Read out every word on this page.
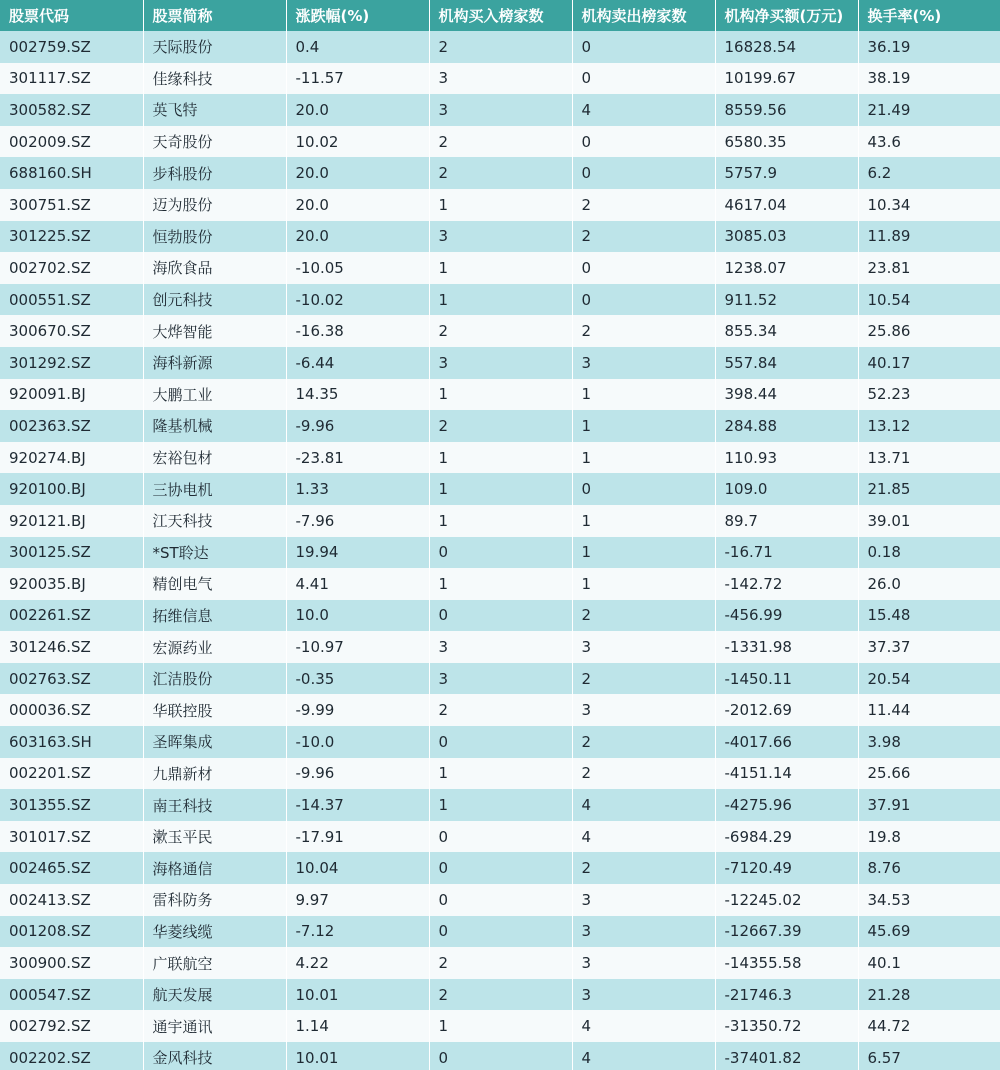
股票代码	股票简称	涨跌幅(%)	机构买入榜家数	机构卖出榜家数	机构净买额(万元)	换手率(%)
002759.SZ	天际股份	0.4	2	0	16828.54	36.19
301117.SZ	佳缘科技	-11.57	3	0	10199.67	38.19
300582.SZ	英飞特	20.0	3	4	8559.56	21.49
002009.SZ	天奇股份	10.02	2	0	6580.35	43.6
688160.SH	步科股份	20.0	2	0	5757.9	6.2
300751.SZ	迈为股份	20.0	1	2	4617.04	10.34
301225.SZ	恒勃股份	20.0	3	2	3085.03	11.89
002702.SZ	海欣食品	-10.05	1	0	1238.07	23.81
000551.SZ	创元科技	-10.02	1	0	911.52	10.54
300670.SZ	大烨智能	-16.38	2	2	855.34	25.86
301292.SZ	海科新源	-6.44	3	3	557.84	40.17
920091.BJ	大鹏工业	14.35	1	1	398.44	52.23
002363.SZ	隆基机械	-9.96	2	1	284.88	13.12
920274.BJ	宏裕包材	-23.81	1	1	110.93	13.71
920100.BJ	三协电机	1.33	1	0	109.0	21.85
920121.BJ	江天科技	-7.96	1	1	89.7	39.01
300125.SZ	*ST聆达	19.94	0	1	-16.71	0.18
920035.BJ	精创电气	4.41	1	1	-142.72	26.0
002261.SZ	拓维信息	10.0	0	2	-456.99	15.48
301246.SZ	宏源药业	-10.97	3	3	-1331.98	37.37
002763.SZ	汇洁股份	-0.35	3	2	-1450.11	20.54
000036.SZ	华联控股	-9.99	2	3	-2012.69	11.44
603163.SH	圣晖集成	-10.0	0	2	-4017.66	3.98
002201.SZ	九鼎新材	-9.96	1	2	-4151.14	25.66
301355.SZ	南王科技	-14.37	1	4	-4275.96	37.91
301017.SZ	漱玉平民	-17.91	0	4	-6984.29	19.8
002465.SZ	海格通信	10.04	0	2	-7120.49	8.76
002413.SZ	雷科防务	9.97	0	3	-12245.02	34.53
001208.SZ	华菱线缆	-7.12	0	3	-12667.39	45.69
300900.SZ	广联航空	4.22	2	3	-14355.58	40.1
000547.SZ	航天发展	10.01	2	3	-21746.3	21.28
002792.SZ	通宇通讯	1.14	1	4	-31350.72	44.72
002202.SZ	金风科技	10.01	0	4	-37401.82	6.57
